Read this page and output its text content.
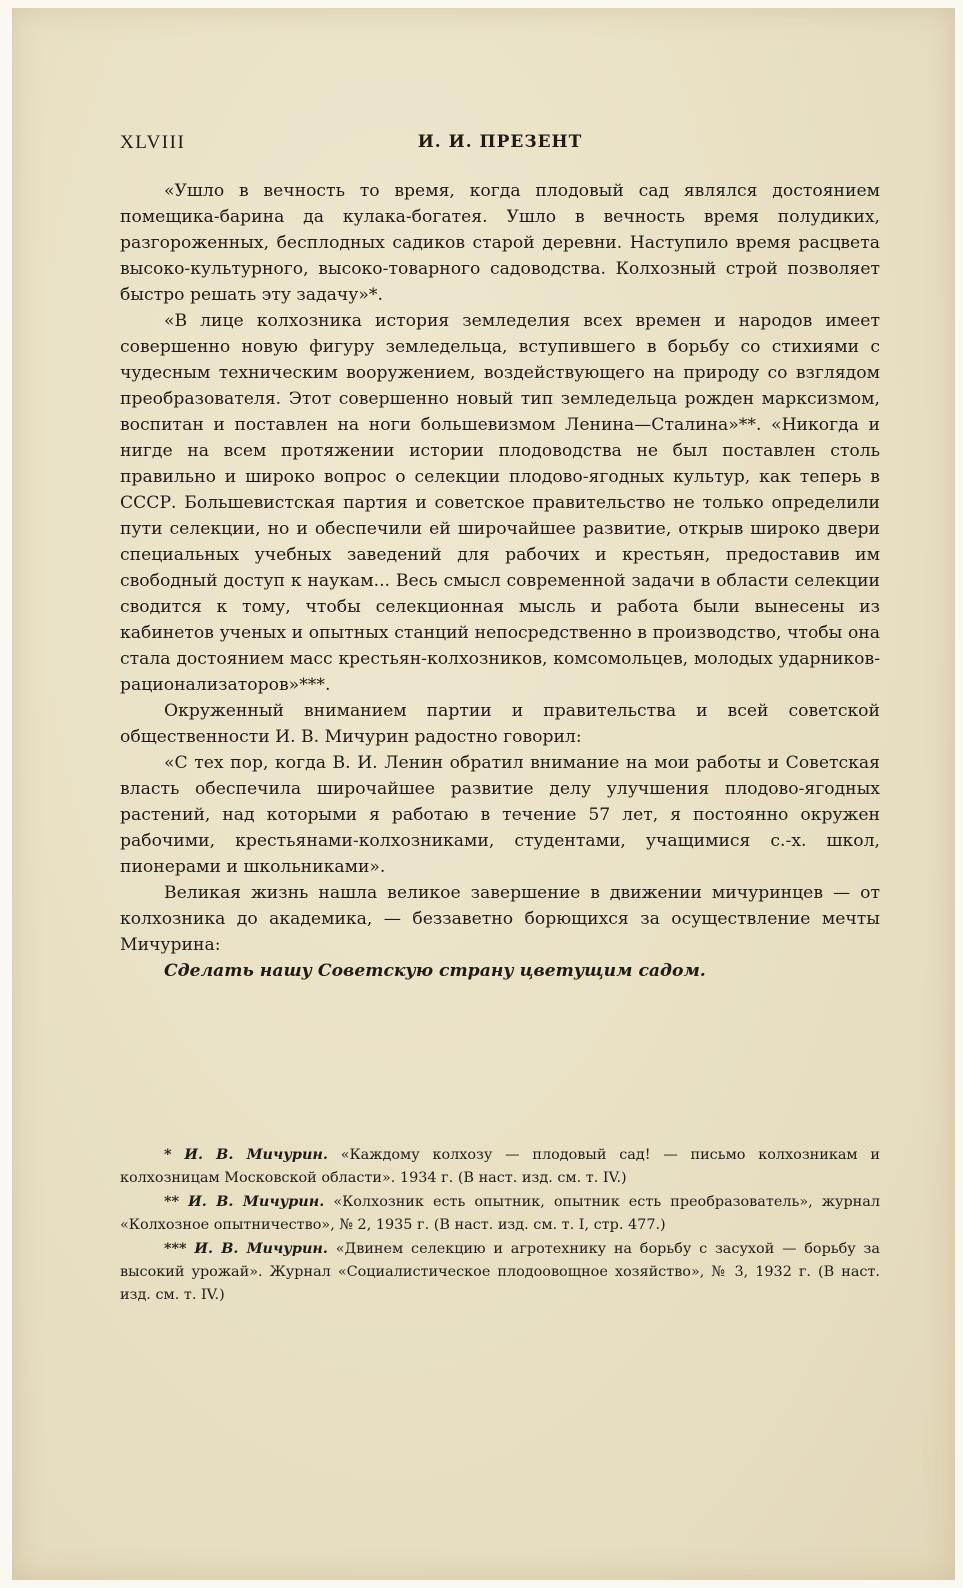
XLVIII	И. И. ПРЕЗЕНТ

«Ушло в вечность то время, когда плодовый сад являлся достоянием помещика-барина да кулака-богатея. Ушло в вечность время полудиких, разгороженных, бесплодных садиков старой деревни. Наступило время расцвета высоко-культурного, высоко-товарного садоводства. Колхозный строй позволяет быстро решать эту задачу»*.

«В лице колхозника история земледелия всех времен и народов имеет совершенно новую фигуру земледельца, вступившего в борьбу со стихиями с чудесным техническим вооружением, воздействующего на природу со взглядом преобразователя. Этот совершенно новый тип земледельца рожден марксизмом, воспитан и поставлен на ноги большевизмом Ленина—Сталина»**. «Никогда и нигде на всем протяжении истории плодоводства не был поставлен столь правильно и широко вопрос о селекции плодово-ягодных культур, как теперь в СССР. Большевистская партия и советское правительство не только определили пути селекции, но и обеспечили ей широчайшее развитие, открыв широко двери специальных учебных заведений для рабочих и крестьян, предоставив им свободный доступ к наукам... Весь смысл современной задачи в области селекции сводится к тому, чтобы селекционная мысль и работа были вынесены из кабинетов ученых и опытных станций непосредственно в производство, чтобы она стала достоянием масс крестьян-колхозников, комсомольцев, молодых ударников-рационализаторов»***.

Окруженный вниманием партии и правительства и всей советской общественности И. В. Мичурин радостно говорил:

«С тех пор, когда В. И. Ленин обратил внимание на мои работы и Советская власть обеспечила широчайшее развитие делу улучшения плодово-ягодных растений, над которыми я работаю в течение 57 лет, я постоянно окружен рабочими, крестьянами-колхозниками, студентами, учащимися с.-х. школ, пионерами и школьниками».

Великая жизнь нашла великое завершение в движении мичуринцев — от колхозника до академика, — беззаветно борющихся за осуществление мечты Мичурина:

Сделать нашу Советскую страну цветущим садом.

* И. В. Мичурин. «Каждому колхозу — плодовый сад! — письмо колхозникам и колхозницам Московской области». 1934 г. (В наст. изд. см. т. IV.)

** И. В. Мичурин. «Колхозник есть опытник, опытник есть преобразователь», журнал «Колхозное опытничество», № 2, 1935 г. (В наст. изд. см. т. I, стр. 477.)

*** И. В. Мичурин. «Двинем селекцию и агротехнику на борьбу с засухой — борьбу за высокий урожай». Журнал «Социалистическое плодоовощное хозяйство», № 3, 1932 г. (В наст. изд. см. т. IV.)
